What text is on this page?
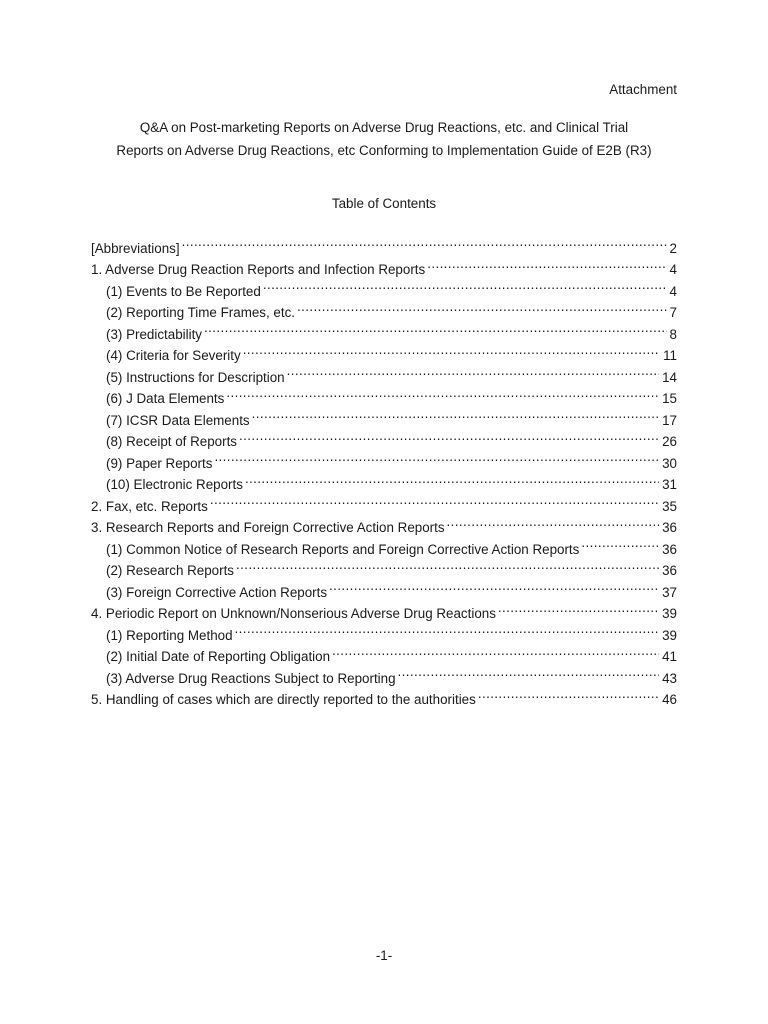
Attachment
Q&A on Post-marketing Reports on Adverse Drug Reactions, etc. and Clinical Trial
Reports on Adverse Drug Reactions, etc Conforming to Implementation Guide of E2B (R3)
Table of Contents
[Abbreviations] .....	2
1. Adverse Drug Reaction Reports and Infection Reports .....	4
(1) Events to Be Reported .....	4
(2) Reporting Time Frames, etc. .....	7
(3) Predictability .....	8
(4) Criteria for Severity .....	11
(5) Instructions for Description .....	14
(6) J Data Elements .....	15
(7) ICSR Data Elements .....	17
(8) Receipt of Reports .....	26
(9) Paper Reports .....	30
(10) Electronic Reports .....	31
2. Fax, etc. Reports .....	35
3. Research Reports and Foreign Corrective Action Reports .....	36
(1) Common Notice of Research Reports and Foreign Corrective Action Reports .....	36
(2) Research Reports .....	36
(3) Foreign Corrective Action Reports .....	37
4. Periodic Report on Unknown/Nonserious Adverse Drug Reactions .....	39
(1) Reporting Method .....	39
(2) Initial Date of Reporting Obligation .....	41
(3) Adverse Drug Reactions Subject to Reporting .....	43
5. Handling of cases which are directly reported to the authorities .....	46
-1-
